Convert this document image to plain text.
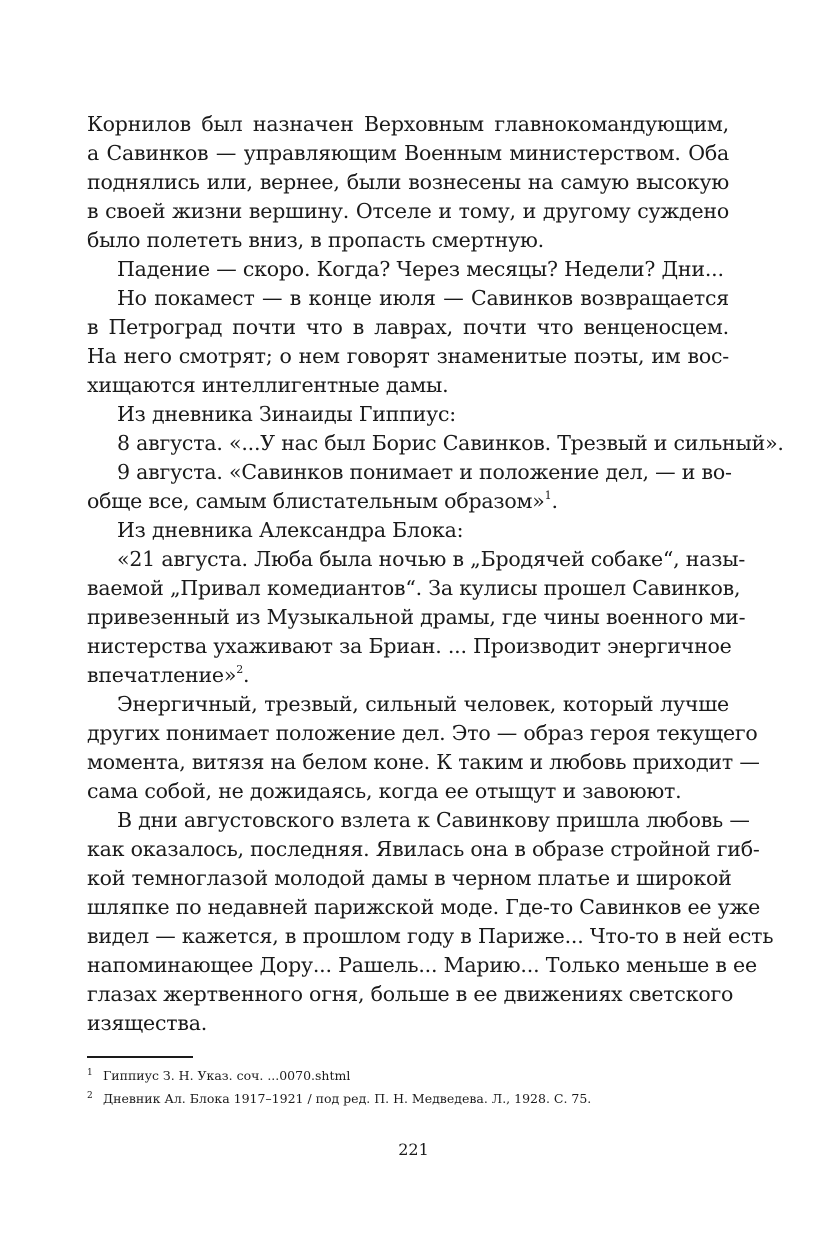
Корнилов был назначен Верховным главнокомандующим,
а Савинков — управляющим Военным министерством. Оба
поднялись или, вернее, были вознесены на самую высокую
в своей жизни вершину. Отселе и тому, и другому суждено
было полететь вниз, в пропасть смертную.
Падение — скоро. Когда? Через месяцы? Недели? Дни...
Но покамест — в конце июля — Савинков возвращается
в Петроград почти что в лаврах, почти что венценосцем.
На него смотрят; о нем говорят знаменитые поэты, им вос-
хищаются интеллигентные дамы.
Из дневника Зинаиды Гиппиус:
8 августа. «...У нас был Борис Савинков. Трезвый и сильный».
9 августа. «Савинков понимает и положение дел, — и во-
обще все, самым блистательным образом»$^1$.
Из дневника Александра Блока:
«21 августа. Люба была ночью в „Бродячей собаке“, назы-
ваемой „Привал комедиантов“. За кулисы прошел Савинков,
привезенный из Музыкальной драмы, где чины военного ми-
нистерства ухаживают за Бриан. ... Производит энергичное
впечатление»$^2$.
Энергичный, трезвый, сильный человек, который лучше
других понимает положение дел. Это — образ героя текущего
момента, витязя на белом коне. К таким и любовь приходит —
сама собой, не дожидаясь, когда ее отыщут и завоюют.
В дни августовского взлета к Савинкову пришла любовь —
как оказалось, последняя. Явилась она в образе стройной гиб-
кой темноглазой молодой дамы в черном платье и широкой
шляпке по недавней парижской моде. Где-то Савинков ее уже
видел — кажется, в прошлом году в Париже... Что-то в ней есть
напоминающее Дору... Рашель... Марию... Только меньше в ее
глазах жертвенного огня, больше в ее движениях светского
изящества.
1 Гиппиус З. Н. Указ. соч. ...0070.shtml
2 Дневник Ал. Блока 1917–1921 / под ред. П. Н. Медведева. Л., 1928. С. 75.
221
